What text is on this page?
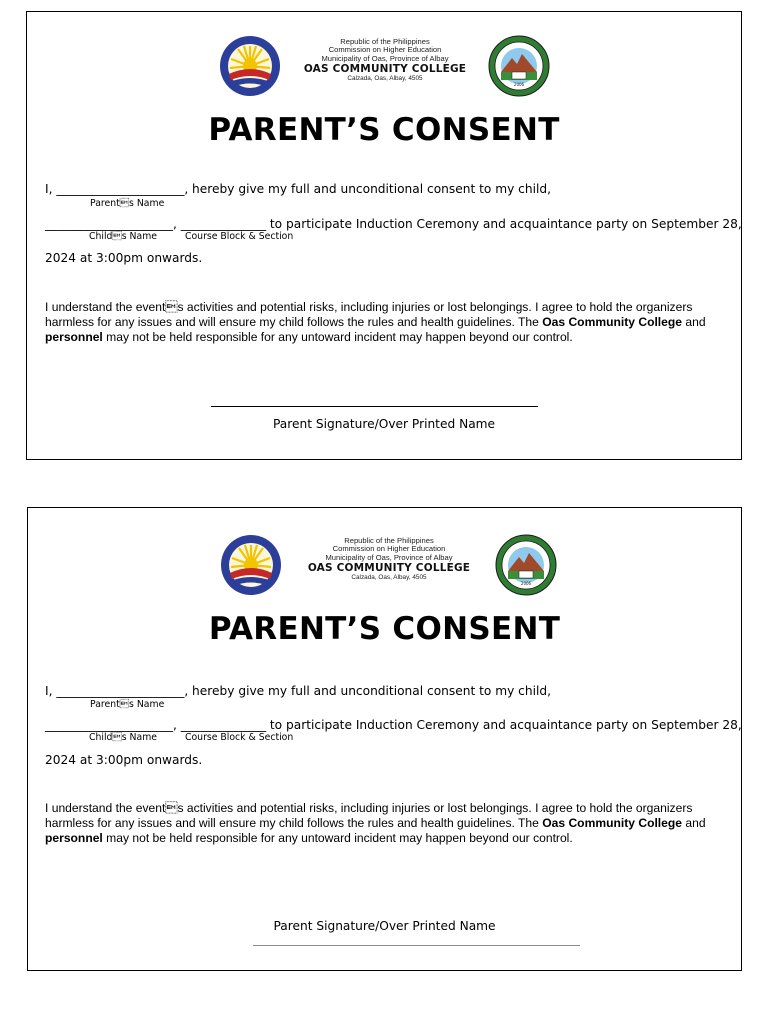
1994
Republic of the Philippines
Commission on Higher Education
Municipality of Oas, Province of Albay
OAS COMMUNITY COLLEGE
Calzada, Oas, Albay, 4505
2006
PARENT’S CONSENT
I, _____________________, hereby give my full and unconditional consent to my child,
Parents Name
_____________________, ______________ to participate Induction Ceremony and acquaintance party on September 28,
Childs Name	Course Block & Section
2024 at 3:00pm onwards.
I understand the events activities and potential risks, including injuries or lost belongings. I agree to hold the organizers harmless for any issues and will ensure my child follows the rules and health guidelines. The Oas Community College and personnel may not be held responsible for any untoward incident may happen beyond our control.
Parent Signature/Over Printed Name
1994
Republic of the Philippines
Commission on Higher Education
Municipality of Oas, Province of Albay
OAS COMMUNITY COLLEGE
Calzada, Oas, Albay, 4505
2006
PARENT’S CONSENT
I, _____________________, hereby give my full and unconditional consent to my child,
Parents Name
_____________________, ______________ to participate Induction Ceremony and acquaintance party on September 28,
Childs Name	Course Block & Section
2024 at 3:00pm onwards.
I understand the events activities and potential risks, including injuries or lost belongings. I agree to hold the organizers harmless for any issues and will ensure my child follows the rules and health guidelines. The Oas Community College and personnel may not be held responsible for any untoward incident may happen beyond our control.
Parent Signature/Over Printed Name
